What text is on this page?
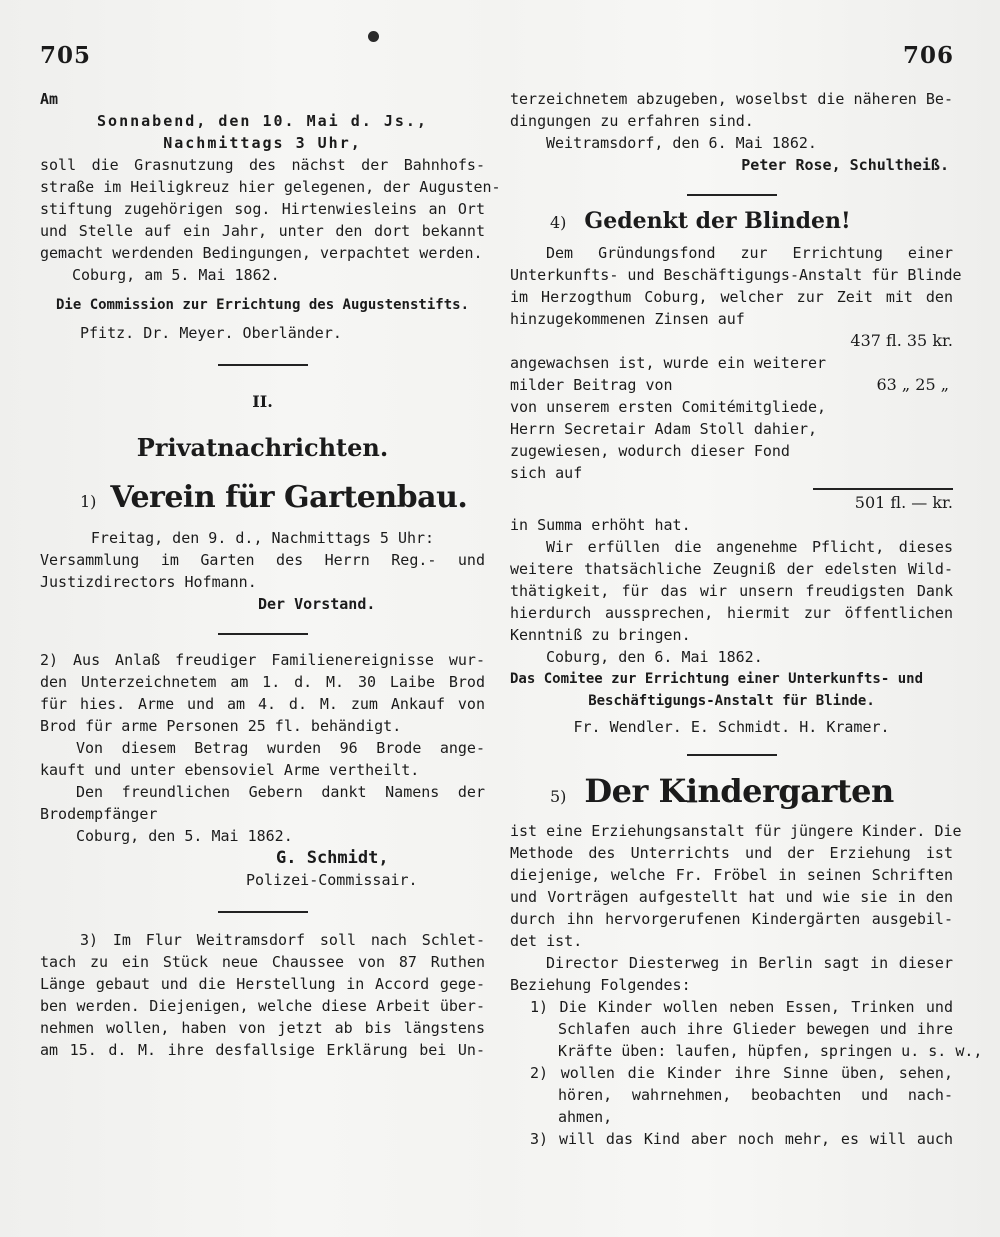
705	706
Am
Sonnabend, den 10. Mai d. Js.,
Nachmittags 3 Uhr,
soll die Grasnutzung des nächst der Bahnhofs-
straße im Heiligkreuz hier gelegenen, der Augusten-
stiftung zugehörigen sog. Hirtenwiesleins an Ort
und Stelle auf ein Jahr, unter den dort bekannt
gemacht werdenden Bedingungen, verpachtet werden.
Coburg, am 5. Mai 1862.
Die Commission zur Errichtung des Augustenstifts.
Pfitz. Dr. Meyer. Oberländer.
II.
Privatnachrichten.
1) Verein für Gartenbau.
Freitag, den 9. d., Nachmittags 5 Uhr:
Versammlung im Garten des Herrn Reg.- und
Justizdirectors Hofmann.
Der Vorstand.
2) Aus Anlaß freudiger Familienereignisse wur-
den Unterzeichnetem am 1. d. M. 30 Laibe Brod
für hies. Arme und am 4. d. M. zum Ankauf von
Brod für arme Personen 25 fl. behändigt.
Von diesem Betrag wurden 96 Brode ange-
kauft und unter ebensoviel Arme vertheilt.
Den freundlichen Gebern dankt Namens der
Brodempfänger
Coburg, den 5. Mai 1862.
G. Schmidt,
Polizei-Commissair.
3) Im Flur Weitramsdorf soll nach Schlet-
tach zu ein Stück neue Chaussee von 87 Ruthen
Länge gebaut und die Herstellung in Accord gege-
ben werden. Diejenigen, welche diese Arbeit über-
nehmen wollen, haben von jetzt ab bis längstens
am 15. d. M. ihre desfallsige Erklärung bei Un-
terzeichnetem abzugeben, woselbst die näheren Be-
dingungen zu erfahren sind.
Weitramsdorf, den 6. Mai 1862.
Peter Rose, Schultheiß.
4) Gedenkt der Blinden!
Dem Gründungsfond zur Errichtung einer
Unterkunfts- und Beschäftigungs-Anstalt für Blinde
im Herzogthum Coburg, welcher zur Zeit mit den
hinzugekommenen Zinsen auf
437 fl. 35 kr.
angewachsen ist, wurde ein weiterer
milder Beitrag von	63 „ 25 „
von unserem ersten Comitémitgliede,
Herrn Secretair Adam Stoll dahier,
zugewiesen, wodurch dieser Fond
sich auf
501 fl. — kr.
in Summa erhöht hat.
Wir erfüllen die angenehme Pflicht, dieses
weitere thatsächliche Zeugniß der edelsten Wild-
thätigkeit, für das wir unsern freudigsten Dank
hierdurch aussprechen, hiermit zur öffentlichen
Kenntniß zu bringen.
Coburg, den 6. Mai 1862.
Das Comitee zur Errichtung einer Unterkunfts- und
Beschäftigungs-Anstalt für Blinde.
Fr. Wendler. E. Schmidt. H. Kramer.
5) Der Kindergarten
ist eine Erziehungsanstalt für jüngere Kinder. Die
Methode des Unterrichts und der Erziehung ist
diejenige, welche Fr. Fröbel in seinen Schriften
und Vorträgen aufgestellt hat und wie sie in den
durch ihn hervorgerufenen Kindergärten ausgebil-
det ist.
Director Diesterweg in Berlin sagt in dieser
Beziehung Folgendes:
1) Die Kinder wollen neben Essen, Trinken und
Schlafen auch ihre Glieder bewegen und ihre
Kräfte üben: laufen, hüpfen, springen u. s. w.,
2) wollen die Kinder ihre Sinne üben, sehen,
hören, wahrnehmen, beobachten und nach-
ahmen,
3) will das Kind aber noch mehr, es will auch
